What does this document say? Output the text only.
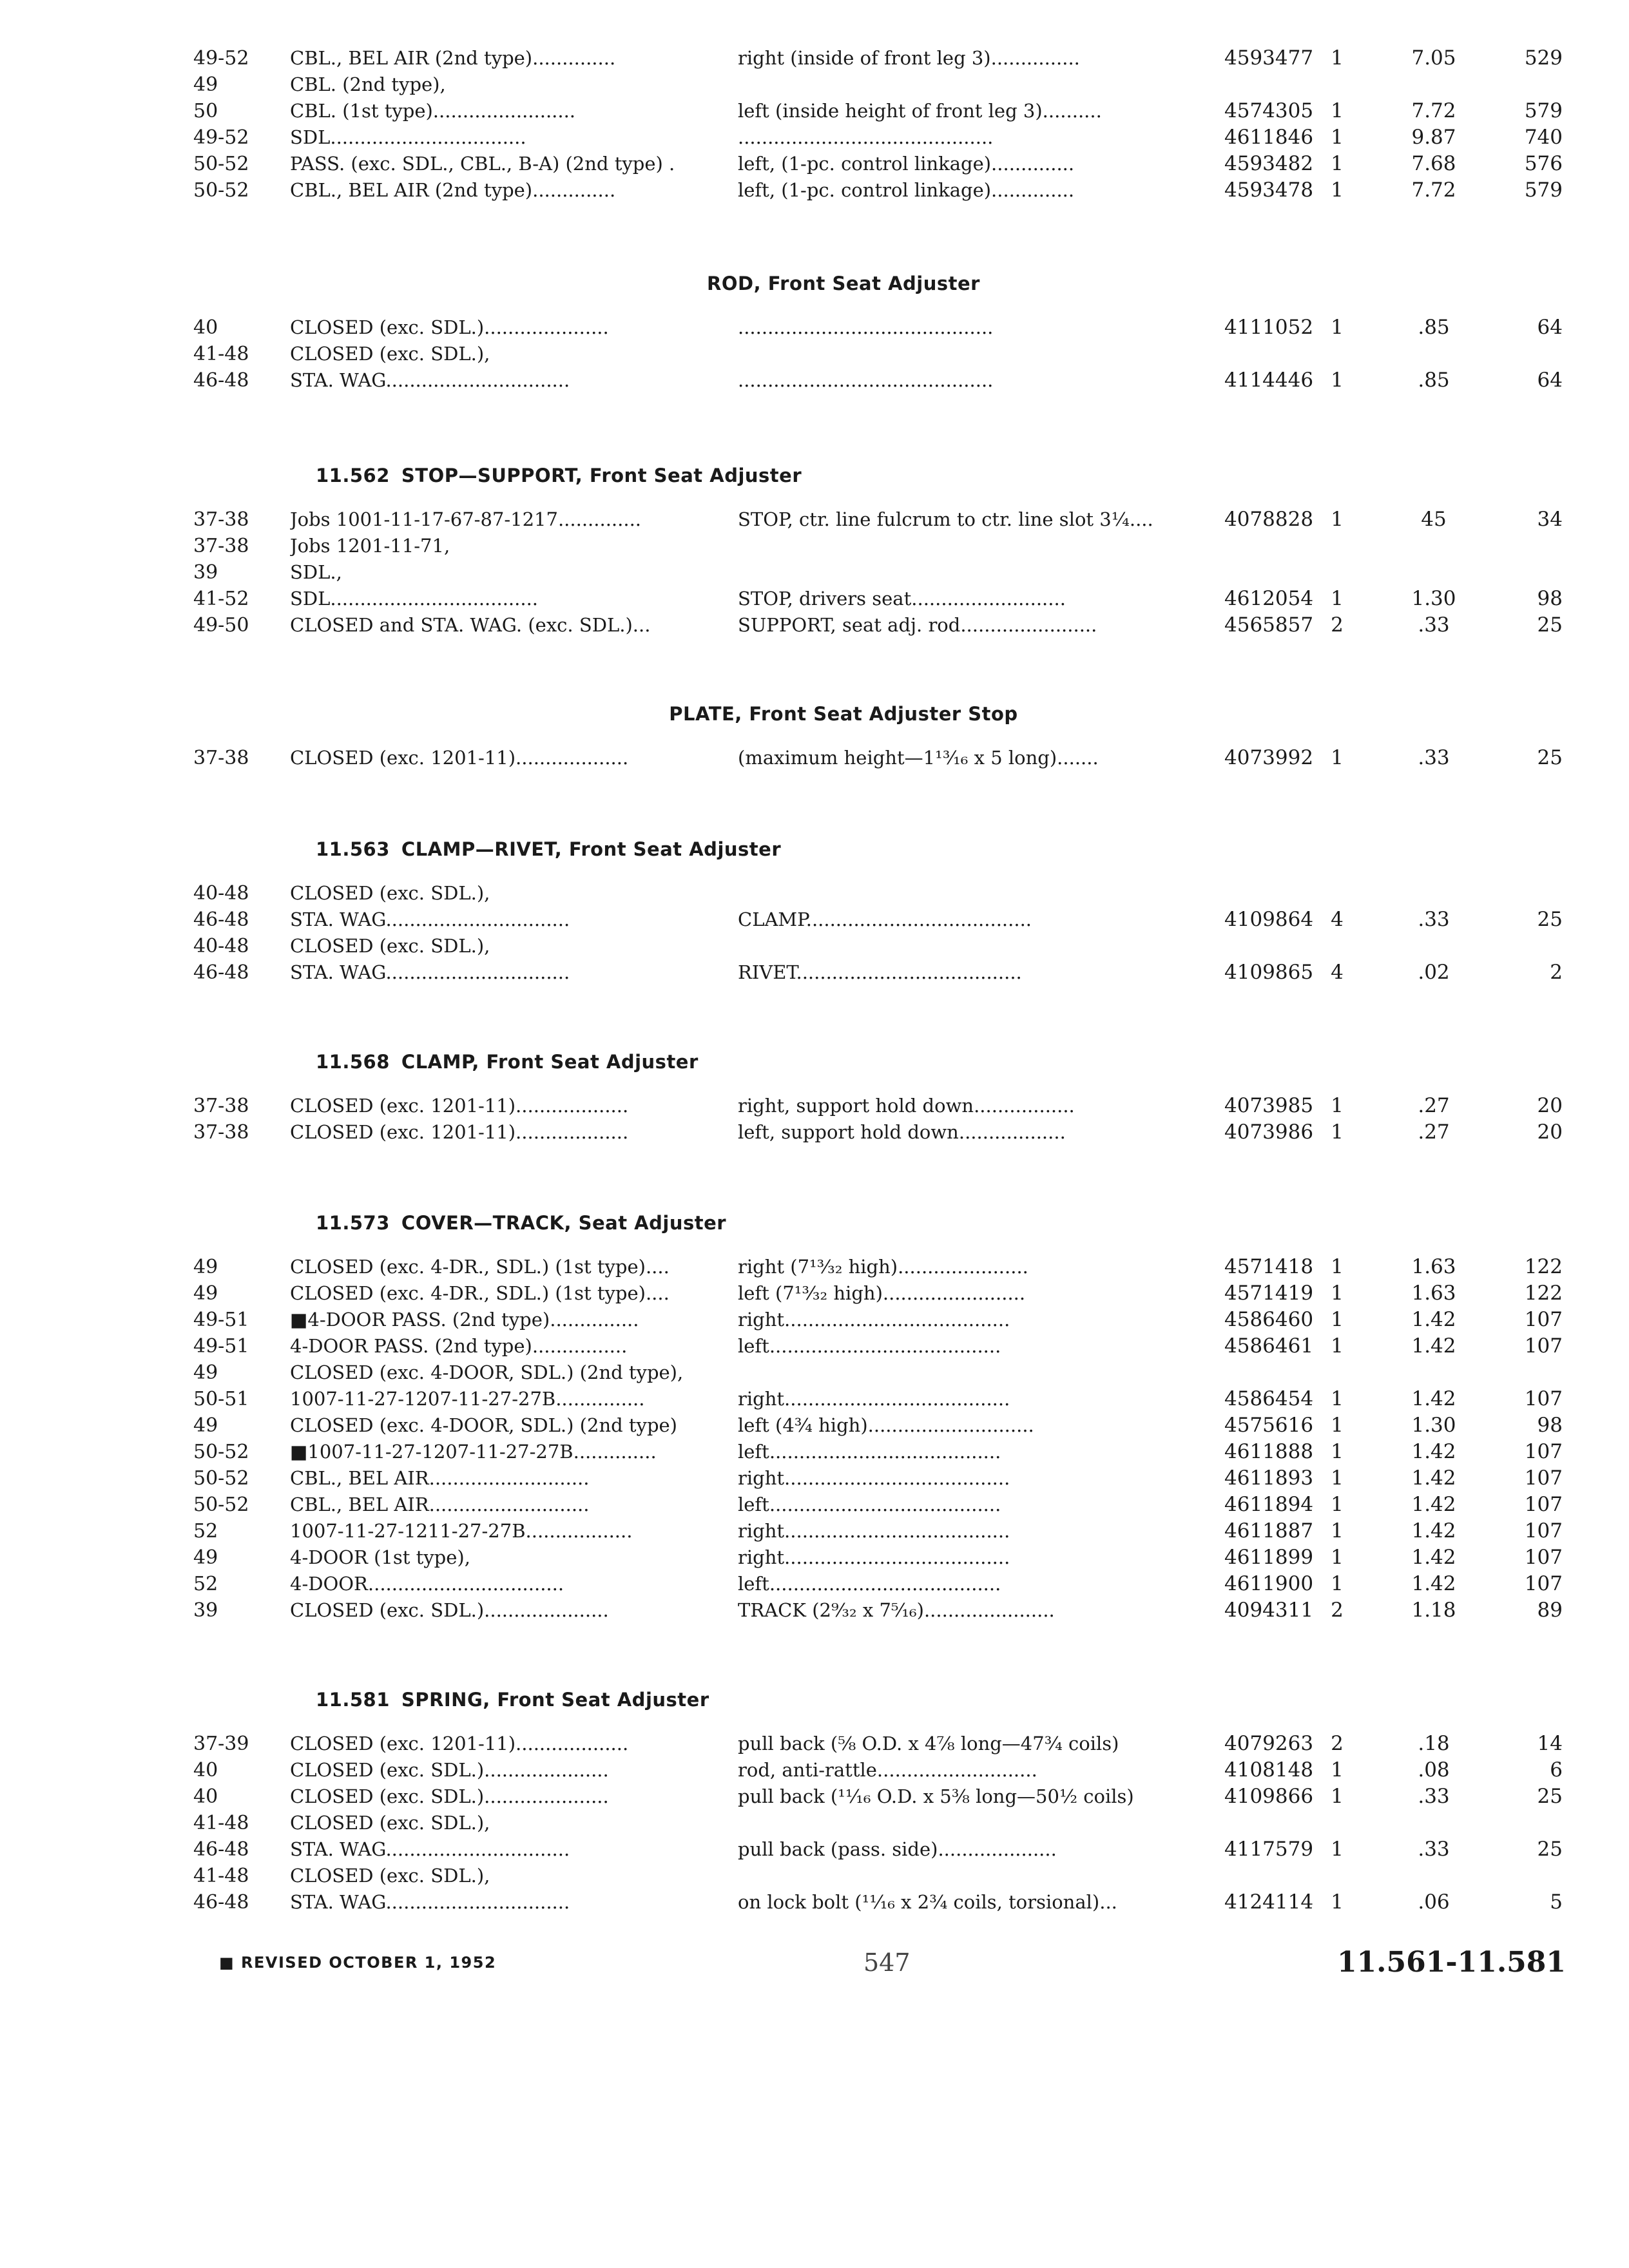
49-52	CBL., BEL AIR (2nd type)..............	right (inside of front leg 3)...............	4593477 1	7.05	529
49	CBL. (2nd type),
50	CBL. (1st type)........................	left (inside height of front leg 3)..........	4574305 1	7.72	579
49-52	SDL.................................	...........................................	4611846 1	9.87	740
50-52	PASS. (exc. SDL., CBL., B-A) (2nd type) .	left, (1-pc. control linkage)..............	4593482 1	7.68	576
50-52	CBL., BEL AIR (2nd type)..............	left, (1-pc. control linkage)..............	4593478 1	7.72	579
ROD, Front Seat Adjuster
40	CLOSED (exc. SDL.).....................	...........................................	4111052 1	.85	64
41-48	CLOSED (exc. SDL.),
46-48	STA. WAG...............................	...........................................	4114446 1	.85	64
11.562 STOP—SUPPORT, Front Seat Adjuster
37-38	Jobs 1001-11-17-67-87-1217..............	STOP, ctr. line fulcrum to ctr. line slot 3¼....	4078828 1	45	34
37-38	Jobs 1201-11-71,
39	SDL.,
41-52	SDL...................................	STOP, drivers seat..........................	4612054 1	1.30	98
49-50	CLOSED and STA. WAG. (exc. SDL.)...	SUPPORT, seat adj. rod.......................	4565857 2	.33	25
PLATE, Front Seat Adjuster Stop
37-38	CLOSED (exc. 1201-11)...................	(maximum height—1¹³⁄₁₆ x 5 long).......	4073992 1	.33	25
11.563 CLAMP—RIVET, Front Seat Adjuster
40-48	CLOSED (exc. SDL.),
46-48	STA. WAG...............................	CLAMP......................................	4109864 4	.33	25
40-48	CLOSED (exc. SDL.),
46-48	STA. WAG...............................	RIVET......................................	4109865 4	.02	2
11.568 CLAMP, Front Seat Adjuster
37-38	CLOSED (exc. 1201-11)...................	right, support hold down.................	4073985 1	.27	20
37-38	CLOSED (exc. 1201-11)...................	left, support hold down..................	4073986 1	.27	20
11.573 COVER—TRACK, Seat Adjuster
49	CLOSED (exc. 4-DR., SDL.) (1st type)....	right (7¹³⁄₃₂ high)......................	4571418 1	1.63	122
49	CLOSED (exc. 4-DR., SDL.) (1st type)....	left (7¹³⁄₃₂ high)........................	4571419 1	1.63	122
49-51	■4-DOOR PASS. (2nd type)...............	right......................................	4586460 1	1.42	107
49-51	4-DOOR PASS. (2nd type)................	left.......................................	4586461 1	1.42	107
49	CLOSED (exc. 4-DOOR, SDL.) (2nd type),
50-51	1007-11-27-1207-11-27-27B...............	right......................................	4586454 1	1.42	107
49	CLOSED (exc. 4-DOOR, SDL.) (2nd type)	left (4¾ high)............................	4575616 1	1.30	98
50-52	■1007-11-27-1207-11-27-27B..............	left.......................................	4611888 1	1.42	107
50-52	CBL., BEL AIR...........................	right......................................	4611893 1	1.42	107
50-52	CBL., BEL AIR...........................	left.......................................	4611894 1	1.42	107
52	1007-11-27-1211-27-27B..................	right......................................	4611887 1	1.42	107
49	4-DOOR (1st type),	right......................................	4611899 1	1.42	107
52	4-DOOR.................................	left.......................................	4611900 1	1.42	107
39	CLOSED (exc. SDL.).....................	TRACK (2⁹⁄₃₂ x 7⁵⁄₁₆)......................	4094311 2	1.18	89
11.581 SPRING, Front Seat Adjuster
37-39	CLOSED (exc. 1201-11)...................	pull back (⅝ O.D. x 4⅞ long—47¾ coils)	4079263 2	.18	14
40	CLOSED (exc. SDL.).....................	rod, anti-rattle...........................	4108148 1	.08	6
40	CLOSED (exc. SDL.).....................	pull back (¹¹⁄₁₆ O.D. x 5⅜ long—50½ coils)	4109866 1	.33	25
41-48	CLOSED (exc. SDL.),
46-48	STA. WAG...............................	pull back (pass. side)....................	4117579 1	.33	25
41-48	CLOSED (exc. SDL.),
46-48	STA. WAG...............................	on lock bolt (¹¹⁄₁₆ x 2¾ coils, torsional)...	4124114 1	.06	5
■ REVISED OCTOBER 1, 1952	547	11.561-11.581
